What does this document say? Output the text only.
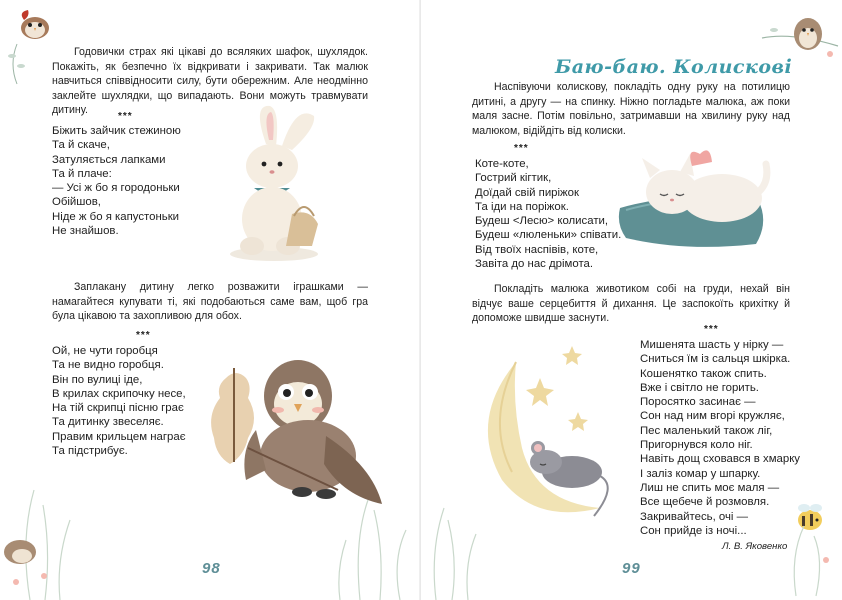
Годовички страх які цікаві до всяляких шафок, шухлядок. Покажіть, як безпечно їх відкривати і закривати. Так малюк навчиться співвідносити силу, бути обережним. Але неодмінно заклейте шухлядки, що випадають. Вони можуть травмувати дитину.

***
Біжить зайчик стежиною
Та й скаче,
Затуляється лапками
Та й плаче:
— Усі ж бо я городоньки
Обійшов,
Ніде ж бо я капустоньки
Не знайшов.

Заплакану дитину легко розважити іграшками — намагайтеся купувати ті, які подобаються саме вам, щоб гра була цікавою та захопливою для обох.

***
Ой, не чути горобця
Та не видно горобця.
Він по вулиці іде,
В крилах скрипочку несе,
На тій скрипці пісню грає
Та дитинку звеселяє.
Правим крильцем награє
Та підстрибує.
98
Баю-баю. Колискові

Наспівуючи колискову, покладіть одну руку на потилицю дитині, а другу — на спинку. Ніжно погладьте малюка, аж поки маля засне. Потім повільно, затримавши на хвилину руку над малюком, відійдіть від колиски.

***
Коте-коте,
Гострий кігтик,
Доїдай свій пиріжок
Та іди на поріжок.
Будеш <Лесю> колисати,
Будеш «люленьки» співати.
Від твоїх наспівів, коте,
Завіта до нас дрімота.

Покладіть малюка животиком собі на груди, нехай він відчує ваше серцебиття й дихання. Це заспокоїть крихітку й допоможе швидше заснути.

***
Мишенята шасть у нірку —
Сниться їм із сальця шкірка.
Кошенятко також спить.
Вже і світло не горить.
Поросятко засинає —
Сон над ним вгорі кружляє,
Пес маленький також ліг,
Пригорнувся коло ніг.
Навіть дощ сховався в хмарку
І заліз комар у шпарку.
Лиш не спить моє маля —
Все щебече й розмовля.
Закривайтесь, очі —
Сон прийде із ночі...
Л. В. Яковенко
99
